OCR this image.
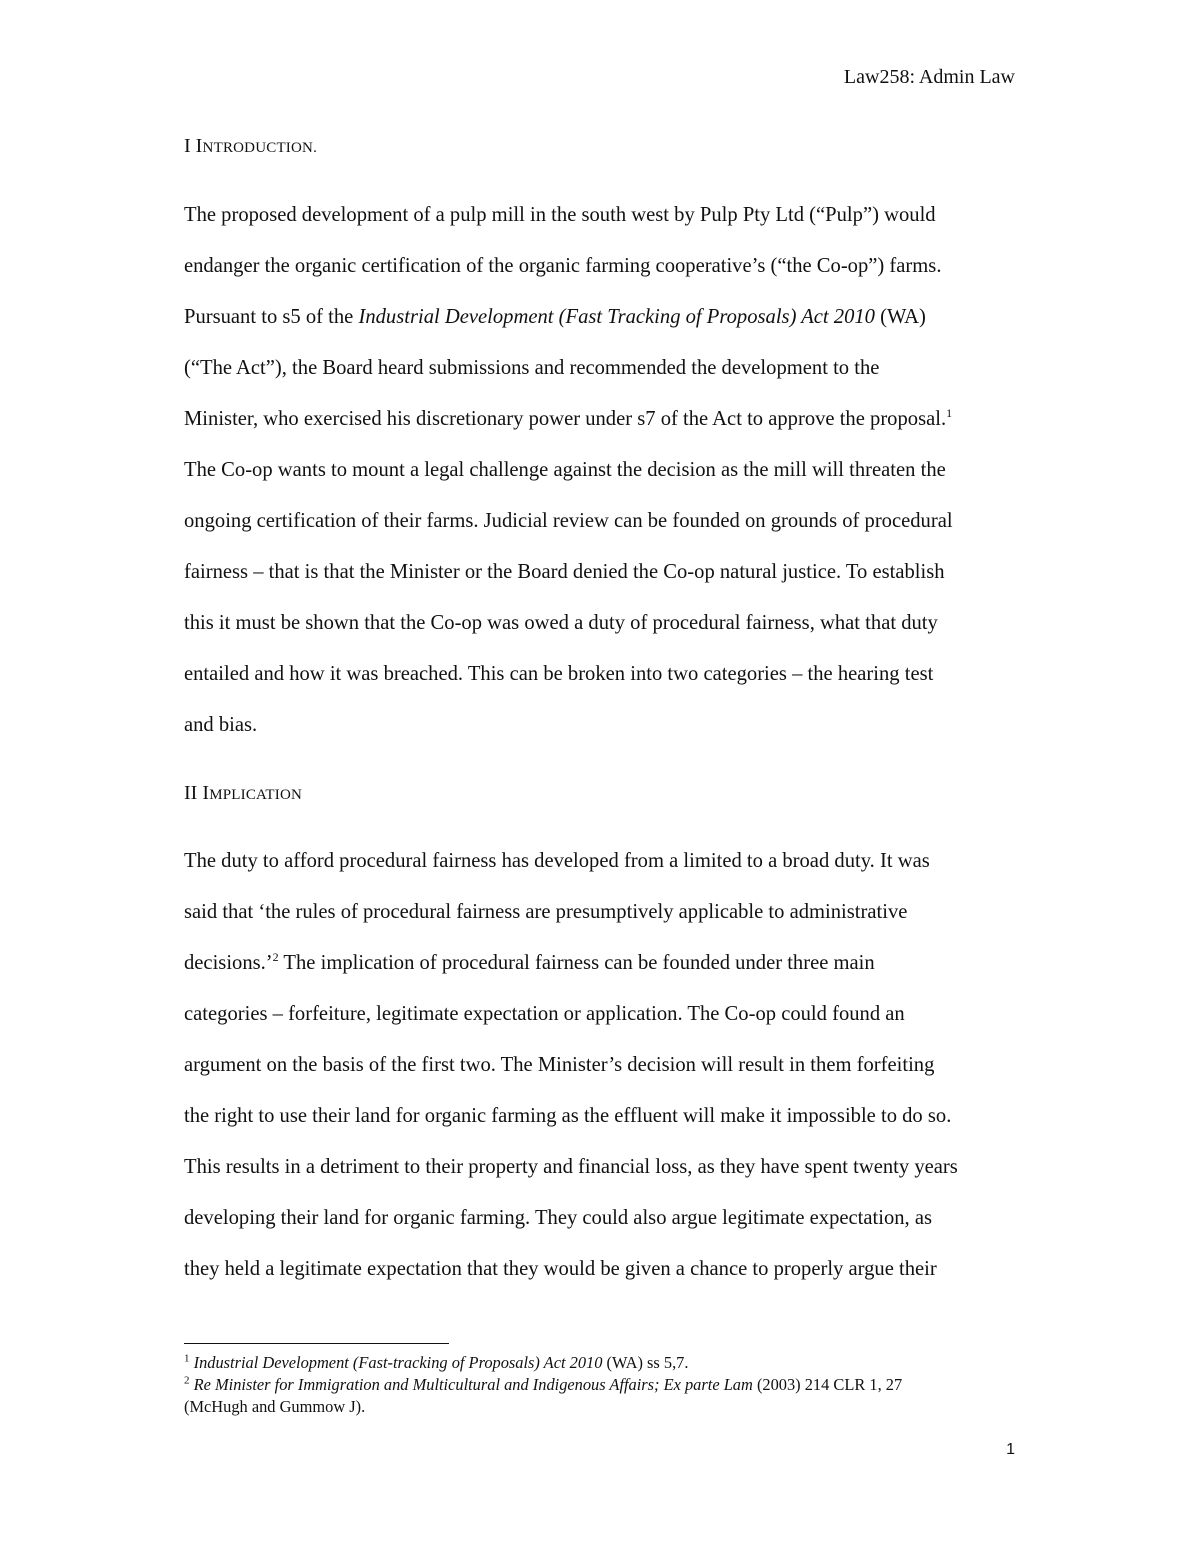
Law258: Admin Law
I INTRODUCTION.
The proposed development of a pulp mill in the south west by Pulp Pty Ltd (“Pulp”) would
endanger the organic certification of the organic farming cooperative’s (“the Co-op”) farms.
Pursuant to s5 of the Industrial Development (Fast Tracking of Proposals) Act 2010 (WA)
(“The Act”), the Board heard submissions and recommended the development to the
Minister, who exercised his discretionary power under s7 of the Act to approve the proposal.$^1$
The Co-op wants to mount a legal challenge against the decision as the mill will threaten the
ongoing certification of their farms. Judicial review can be founded on grounds of procedural
fairness – that is that the Minister or the Board denied the Co-op natural justice. To establish
this it must be shown that the Co-op was owed a duty of procedural fairness, what that duty
entailed and how it was breached. This can be broken into two categories – the hearing test
and bias.
II IMPLICATION
The duty to afford procedural fairness has developed from a limited to a broad duty. It was
said that ‘the rules of procedural fairness are presumptively applicable to administrative
decisions.’$^2$ The implication of procedural fairness can be founded under three main
categories – forfeiture, legitimate expectation or application. The Co-op could found an
argument on the basis of the first two. The Minister’s decision will result in them forfeiting
the right to use their land for organic farming as the effluent will make it impossible to do so.
This results in a detriment to their property and financial loss, as they have spent twenty years
developing their land for organic farming. They could also argue legitimate expectation, as
they held a legitimate expectation that they would be given a chance to properly argue their
$^1$ Industrial Development (Fast-tracking of Proposals) Act 2010 (WA) ss 5,7.
$^2$ Re Minister for Immigration and Multicultural and Indigenous Affairs; Ex parte Lam (2003) 214 CLR 1, 27
(McHugh and Gummow J).
1
